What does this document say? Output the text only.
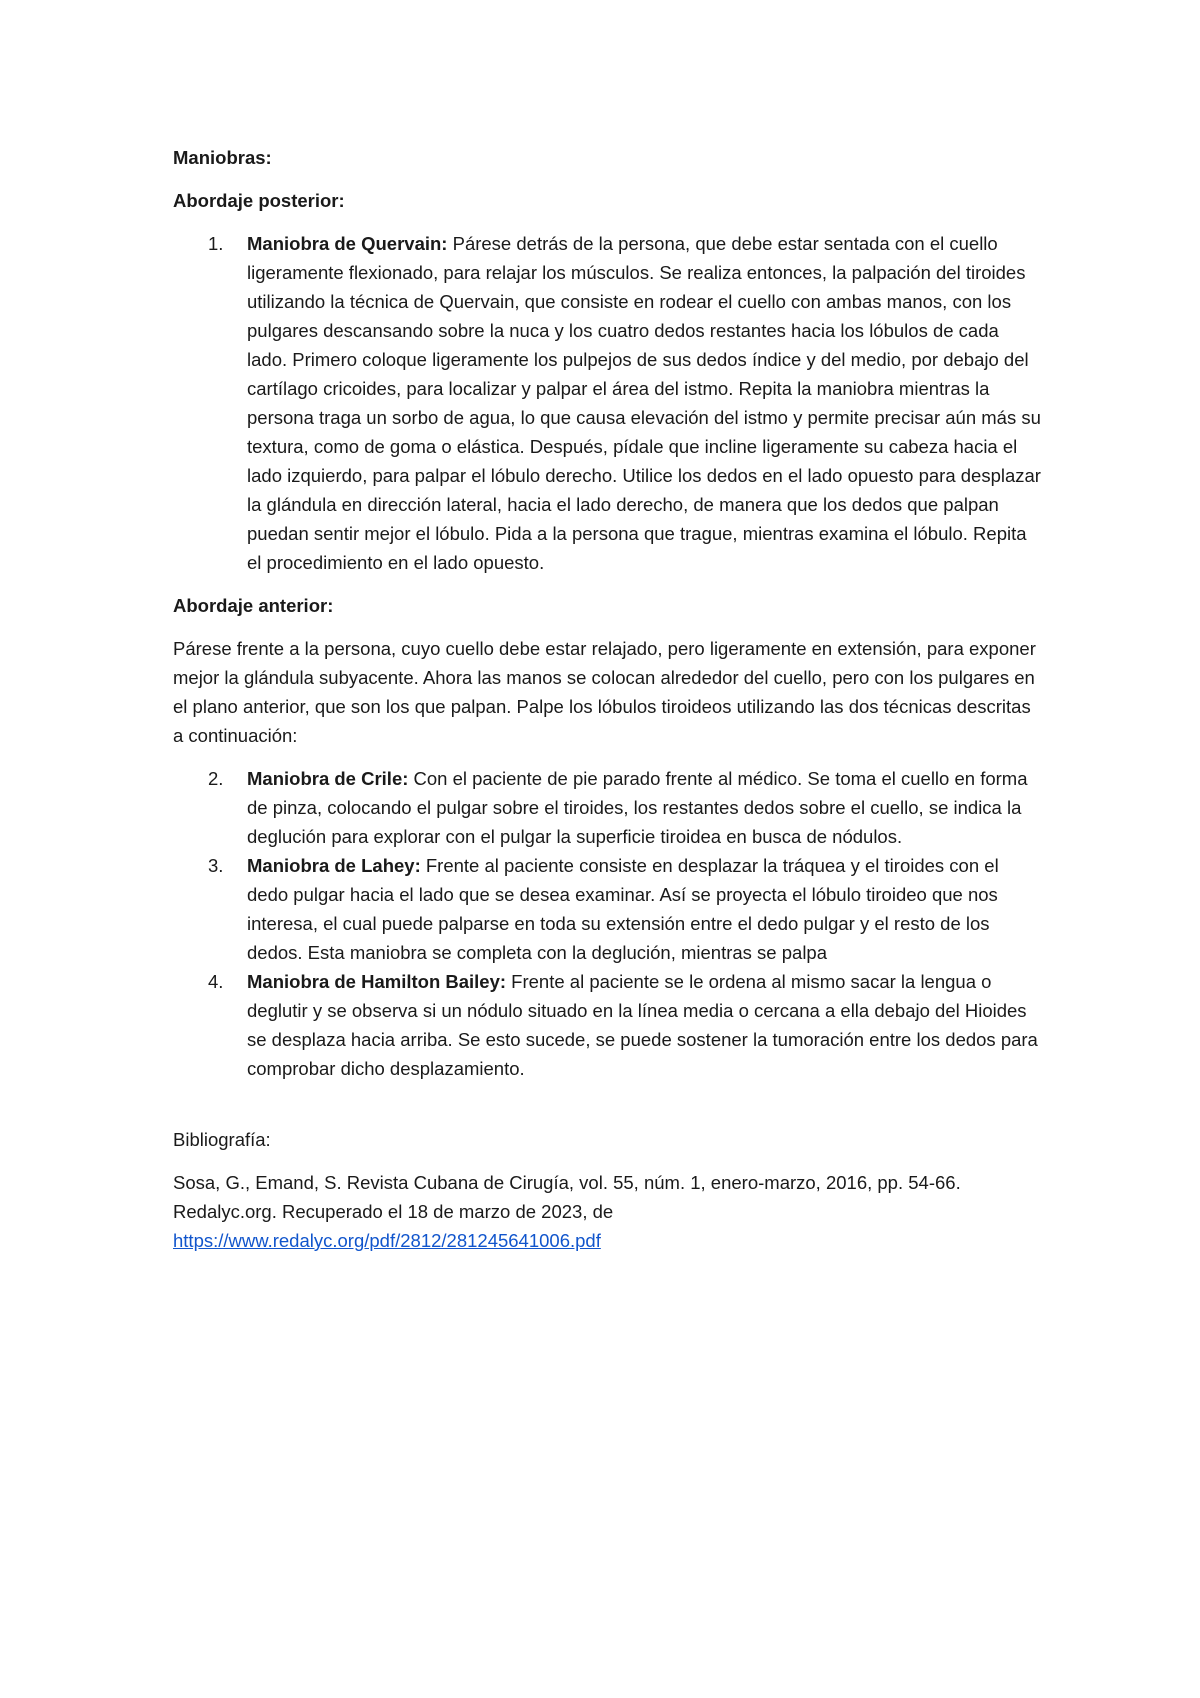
Maniobras:
Abordaje posterior:
1. Maniobra de Quervain: Párese detrás de la persona, que debe estar sentada con el cuello ligeramente flexionado, para relajar los músculos. Se realiza entonces, la palpación del tiroides utilizando la técnica de Quervain, que consiste en rodear el cuello con ambas manos, con los pulgares descansando sobre la nuca y los cuatro dedos restantes hacia los lóbulos de cada lado. Primero coloque ligeramente los pulpejos de sus dedos índice y del medio, por debajo del cartílago cricoides, para localizar y palpar el área del istmo. Repita la maniobra mientras la persona traga un sorbo de agua, lo que causa elevación del istmo y permite precisar aún más su textura, como de goma o elástica. Después, pídale que incline ligeramente su cabeza hacia el lado izquierdo, para palpar el lóbulo derecho. Utilice los dedos en el lado opuesto para desplazar la glándula en dirección lateral, hacia el lado derecho, de manera que los dedos que palpan puedan sentir mejor el lóbulo. Pida a la persona que trague, mientras examina el lóbulo. Repita el procedimiento en el lado opuesto.
Abordaje anterior:
Párese frente a la persona, cuyo cuello debe estar relajado, pero ligeramente en extensión, para exponer mejor la glándula subyacente. Ahora las manos se colocan alrededor del cuello, pero con los pulgares en el plano anterior, que son los que palpan. Palpe los lóbulos tiroideos utilizando las dos técnicas descritas a continuación:
2. Maniobra de Crile: Con el paciente de pie parado frente al médico. Se toma el cuello en forma de pinza, colocando el pulgar sobre el tiroides, los restantes dedos sobre el cuello, se indica la deglución para explorar con el pulgar la superficie tiroidea en busca de nódulos.
3. Maniobra de Lahey: Frente al paciente consiste en desplazar la tráquea y el tiroides con el dedo pulgar hacia el lado que se desea examinar. Así se proyecta el lóbulo tiroideo que nos interesa, el cual puede palparse en toda su extensión entre el dedo pulgar y el resto de los dedos. Esta maniobra se completa con la deglución, mientras se palpa
4. Maniobra de Hamilton Bailey: Frente al paciente se le ordena al mismo sacar la lengua o deglutir y se observa si un nódulo situado en la línea media o cercana a ella debajo del Hioides se desplaza hacia arriba. Se esto sucede, se puede sostener la tumoración entre los dedos para comprobar dicho desplazamiento.
Bibliografía:
Sosa, G., Emand, S. Revista Cubana de Cirugía, vol. 55, núm. 1, enero-marzo, 2016, pp. 54-66. Redalyc.org. Recuperado el 18 de marzo de 2023, de
https://www.redalyc.org/pdf/2812/281245641006.pdf
